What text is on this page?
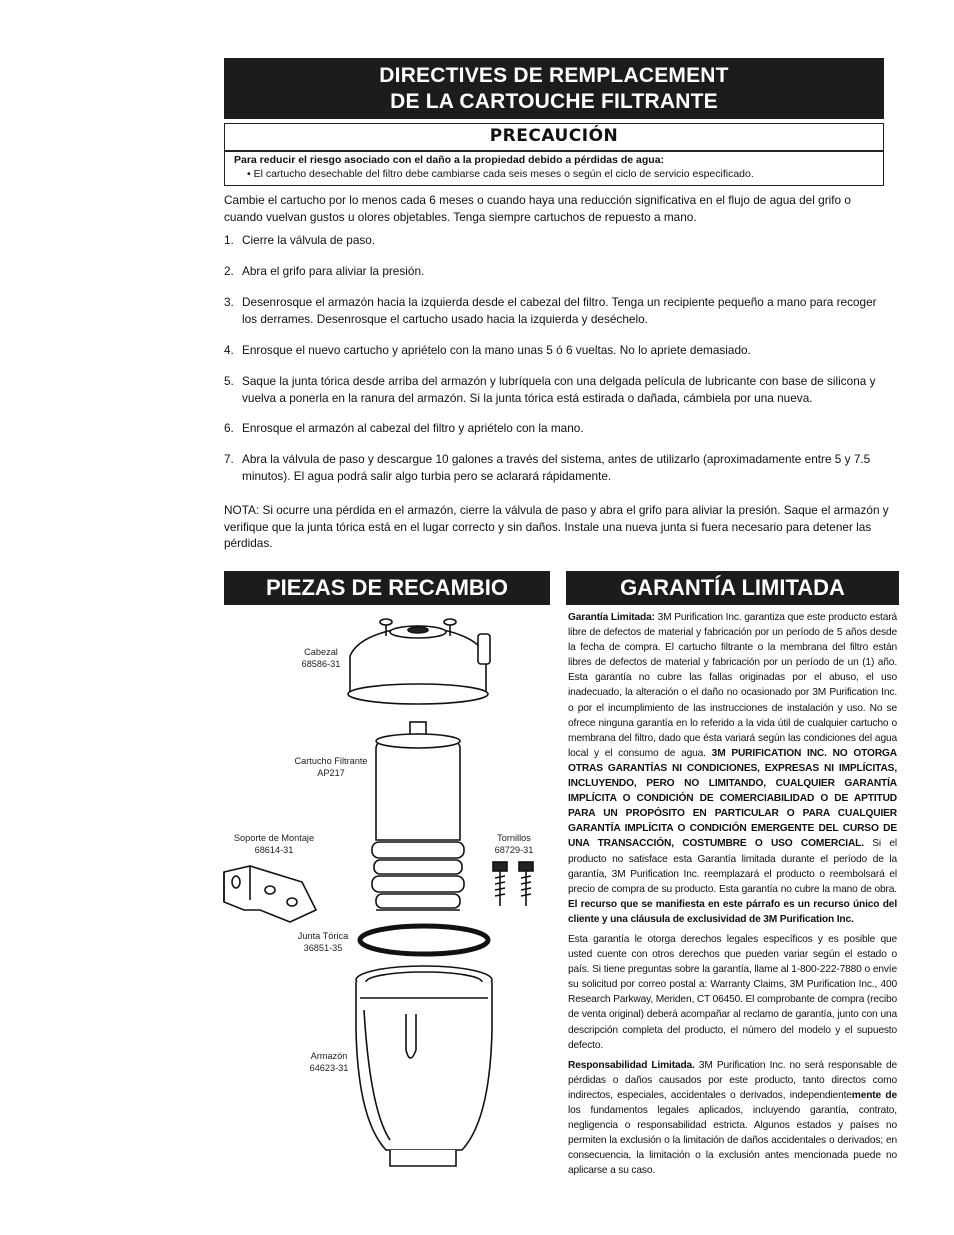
DIRECTIVES DE REMPLACEMENT
DE LA CARTOUCHE FILTRANTE
PRECAUCIÓN
Para reducir el riesgo asociado con el daño a la propiedad debido a pérdidas de agua:
• El cartucho desechable del filtro debe cambiarse cada seis meses o según el ciclo de servicio especificado.
Cambie el cartucho por lo menos cada 6 meses o cuando haya una reducción significativa en el flujo de agua del grifo o cuando vuelvan gustos u olores objetables. Tenga siempre cartuchos de repuesto a mano.
1. Cierre la válvula de paso.
2. Abra el grifo para aliviar la presión.
3. Desenrosque el armazón hacia la izquierda desde el cabezal del filtro. Tenga un recipiente pequeño a mano para recoger los derrames. Desenrosque el cartucho usado hacia la izquierda y deséchelo.
4. Enrosque el nuevo cartucho y apriételo con la mano unas 5 ó 6 vueltas. No lo apriete demasiado.
5. Saque la junta tórica desde arriba del armazón y lubríquela con una delgada película de lubricante con base de silicona y vuelva a ponerla en la ranura del armazón. Si la junta tórica está estirada o dañada, cámbiela por una nueva.
6. Enrosque el armazón al cabezal del filtro y apriételo con la mano.
7. Abra la válvula de paso y descargue 10 galones a través del sistema, antes de utilizarlo (aproximadamente entre 5 y 7.5 minutos). El agua podrá salir algo turbia pero se aclarará rápidamente.
NOTA: Si ocurre una pérdida en el armazón, cierre la válvula de paso y abra el grifo para aliviar la presión. Saque el armazón y verifique que la junta tórica está en el lugar correcto y sin daños. Instale una nueva junta si fuera necesario para detener las pérdidas.
PIEZAS DE RECAMBIO	GARANTÍA LIMITADA
Cabezal
68586-31
Cartucho Filtrante
AP217
Soporte de Montaje
68614-31
Tornillos
68729-31
Junta Tórica
36851-35
Armazón
64623-31

Garantía Limitada: 3M Purification Inc. garantiza que este producto estará libre de defectos de material y fabricación por un período de 5 años desde la fecha de compra. El cartucho filtrante o la membrana del filtro están libres de defectos de material y fabricación por un período de un (1) año. Esta garantía no cubre las fallas originadas por el abuso, el uso inadecuado, la alteración o el daño no ocasionado por 3M Purification Inc. o por el incumplimiento de las instrucciones de instalación y uso. No se ofrece ninguna garantía en lo referido a la vida útil de cualquier cartucho o membrana del filtro, dado que ésta variará según las condiciones del agua local y el consumo de agua. 3M PURIFICATION INC. NO OTORGA OTRAS GARANTÍAS NI CONDICIONES, EXPRESAS NI IMPLÍCITAS, INCLUYENDO, PERO NO LIMITANDO, CUALQUIER GARANTÍA IMPLÍCITA O CONDICIÓN DE COMERCIABILIDAD O DE APTITUD PARA UN PROPÓSITO EN PARTICULAR O PARA CUALQUIER GARANTÍA IMPLÍCITA O CONDICIÓN EMERGENTE DEL CURSO DE UNA TRANSACCIÓN, COSTUMBRE O USO COMERCIAL. Si el producto no satisface esta Garantía limitada durante el período de la garantía, 3M Purification Inc. reemplazará el producto o reembolsará el precio de compra de su producto. Esta garantía no cubre la mano de obra. El recurso que se manifiesta en este párrafo es un recurso único del cliente y una cláusula de exclusividad de 3M Purification Inc.

Esta garantía le otorga derechos legales específicos y es posible que usted cuente con otros derechos que pueden variar según el estado o país. Si tiene preguntas sobre la garantía, llame al 1-800-222-7880 o envíe su solicitud por correo postal a: Warranty Claims, 3M Purification Inc., 400 Research Parkway, Meriden, CT 06450. El comprobante de compra (recibo de venta original) deberá acompañar al reclamo de garantía, junto con una descripción completa del producto, el número del modelo y el supuesto defecto.

Responsabilidad Limitada. 3M Purification Inc. no será responsable de pérdidas o daños causados por este producto, tanto directos como indirectos, especiales, accidentales o derivados, independientemente de los fundamentos legales aplicados, incluyendo garantía, contrato, negligencia o responsabilidad estricta. Algunos estados y países no permiten la exclusión o la limitación de daños accidentales o derivados; en consecuencia, la limitación o la exclusión antes mencionada puede no aplicarse a su caso.
